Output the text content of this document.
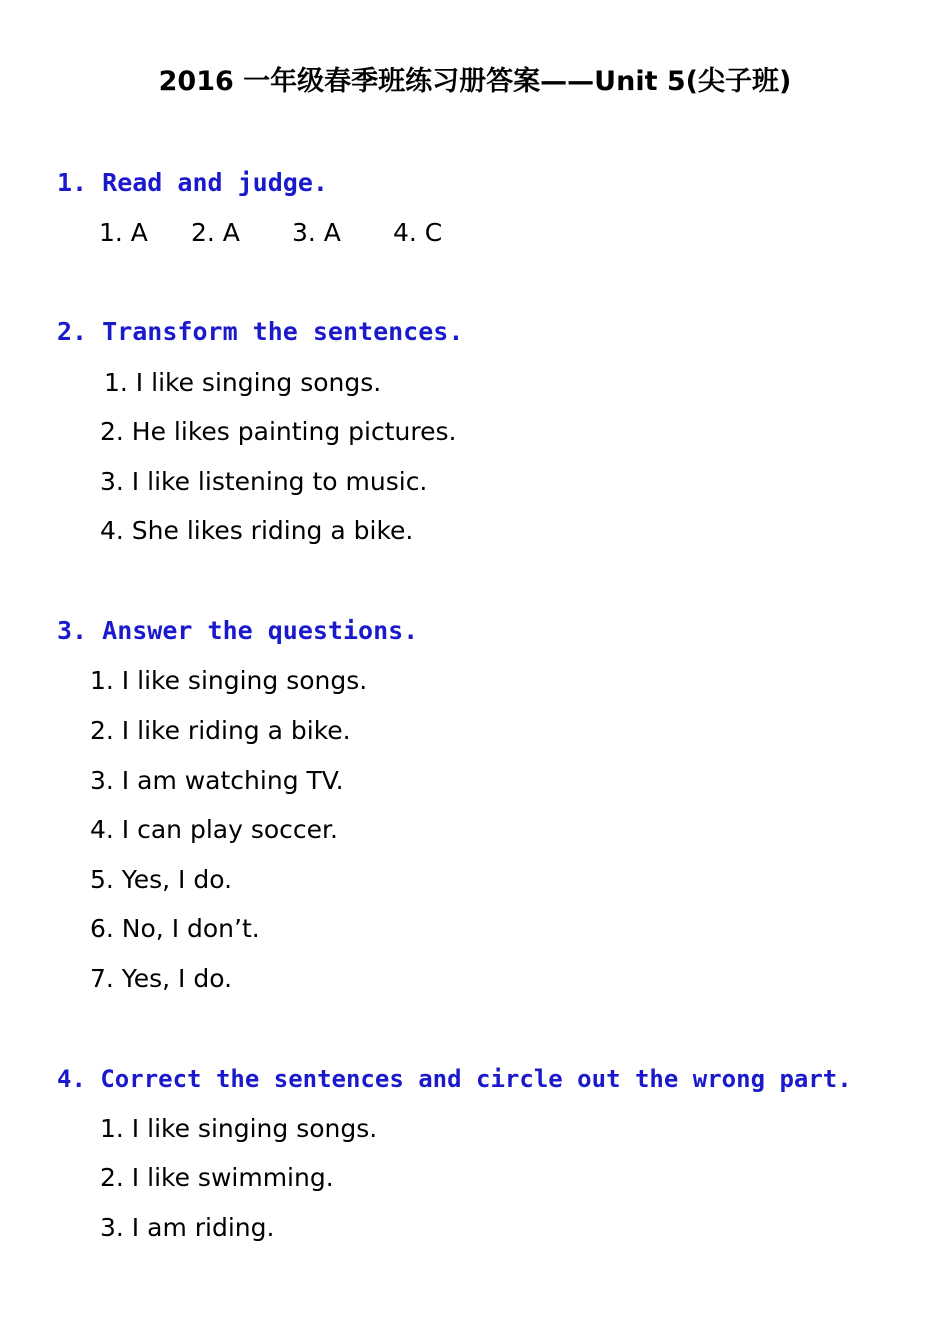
2016 一年级春季班练习册答案——Unit 5(尖子班)
1. Read and judge.
1. A 2. A 3. A 4. C
2. Transform the sentences.
1. I like singing songs.
2. He likes painting pictures.
3. I like listening to music.
4. She likes riding a bike.
3. Answer the questions.
1. I like singing songs.
2. I like riding a bike.
3. I am watching TV.
4. I can play soccer.
5. Yes, I do.
6. No, I don’t.
7. Yes, I do.
4. Correct the sentences and circle out the wrong part.
1. I like singing songs.
2. I like swimming.
3. I am riding.
